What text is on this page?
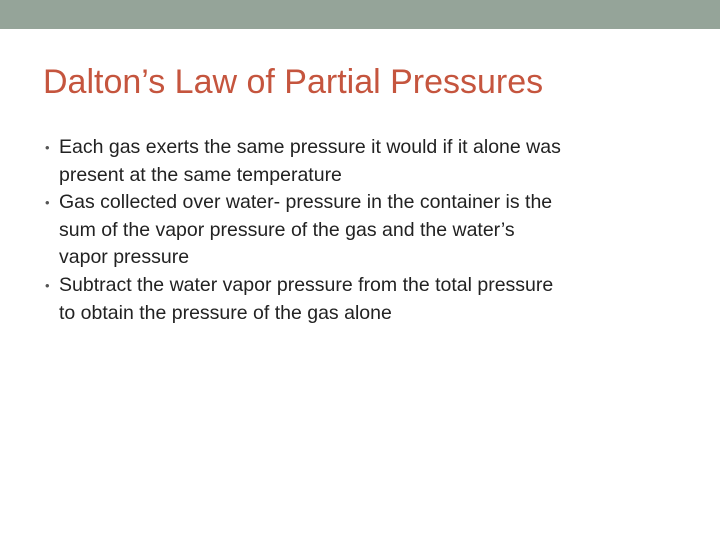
Dalton’s Law of Partial Pressures
• Each gas exerts the same pressure it would if it alone was
present at the same temperature
• Gas collected over water- pressure in the container is the
sum of the vapor pressure of the gas and the water’s
vapor pressure
• Subtract the water vapor pressure from the total pressure
to obtain the pressure of the gas alone
